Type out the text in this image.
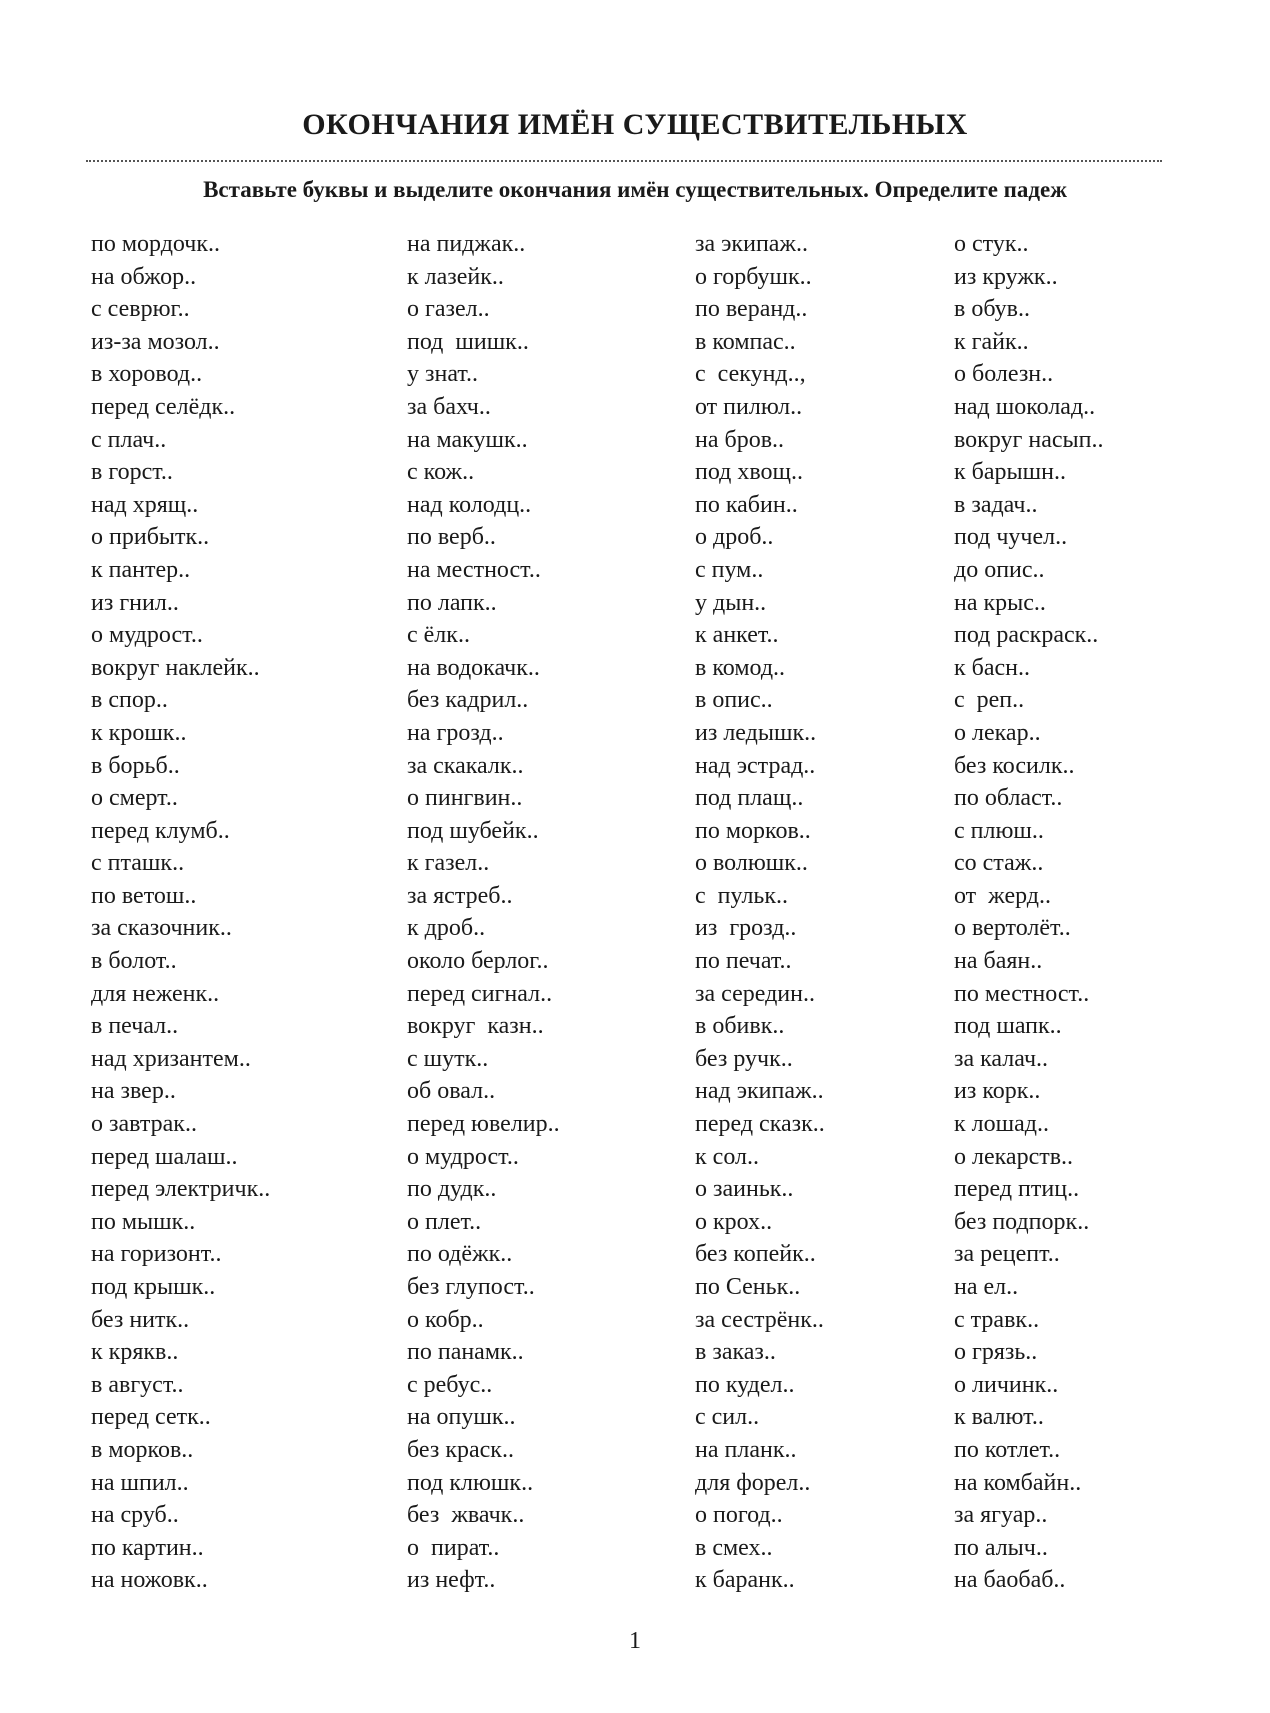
ОКОНЧАНИЯ ИМЁН СУЩЕСТВИТЕЛЬНЫХ
Вставьте буквы и выделите окончания имён существительных. Определите падеж
по мордочк..
на обжор..
с севрюг..
из-за мозол..
в хоровод..
перед селёдк..
с плач..
в горст..
над хрящ..
о прибытк..
к пантер..
из гнил..
о мудрост..
вокруг наклейк..
в спор..
к крошк..
в борьб..
о смерт..
перед клумб..
с пташк..
по ветош..
за сказочник..
в болот..
для неженк..
в печал..
над хризантем..
на звер..
о завтрак..
перед шалаш..
перед электричк..
по мышк..
на горизонт..
под крышк..
без нитк..
к крякв..
в август..
перед сетк..
в морков..
на шпил..
на сруб..
по картин..
на ножовк..
на пиджак..
к лазейк..
о газел..
под  шишк..
у знат..
за бахч..
на макушк..
с кож..
над колодц..
по верб..
на местност..
по лапк..
с ёлк..
на водокачк..
без кадрил..
на грозд..
за скакалк..
о пингвин..
под шубейк..
к газел..
за ястреб..
к дроб..
около берлог..
перед сигнал..
вокруг  казн..
с шутк..
об овал..
перед ювелир..
о мудрост..
по дудк..
о плет..
по одёжк..
без глупост..
о кобр..
по панамк..
с ребус..
на опушк..
без краск..
под клюшк..
без  жвачк..
о  пират..
из нефт..
за экипаж..
о горбушк..
по веранд..
в компас..
с  секунд..,
от пилюл..
на бров..
под хвощ..
по кабин..
о дроб..
с пум..
у дын..
к анкет..
в комод..
в опис..
из ледышк..
над эстрад..
под плащ..
по морков..
о волюшк..
с  пульк..
из  грозд..
по печат..
за середин..
в обивк..
без ручк..
над экипаж..
перед сказк..
к сол..
о заиньк..
о крох..
без копейк..
по Сеньк..
за сестрёнк..
в заказ..
по кудел..
с сил..
на планк..
для форел..
о погод..
в смех..
к баранк..
о стук..
из кружк..
в обув..
к гайк..
о болезн..
над шоколад..
вокруг насып..
к барышн..
в задач..
под чучел..
до опис..
на крыс..
под раскраск..
к басн..
с  реп..
о лекар..
без косилк..
по област..
с плюш..
со стаж..
от  жерд..
о вертолёт..
на баян..
по местност..
под шапк..
за калач..
из корк..
к лошад..
о лекарств..
перед птиц..
без подпорк..
за рецепт..
на ел..
с травк..
о грязь..
о личинк..
к валют..
по котлет..
на комбайн..
за ягуар..
по алыч..
на баобаб..
1
